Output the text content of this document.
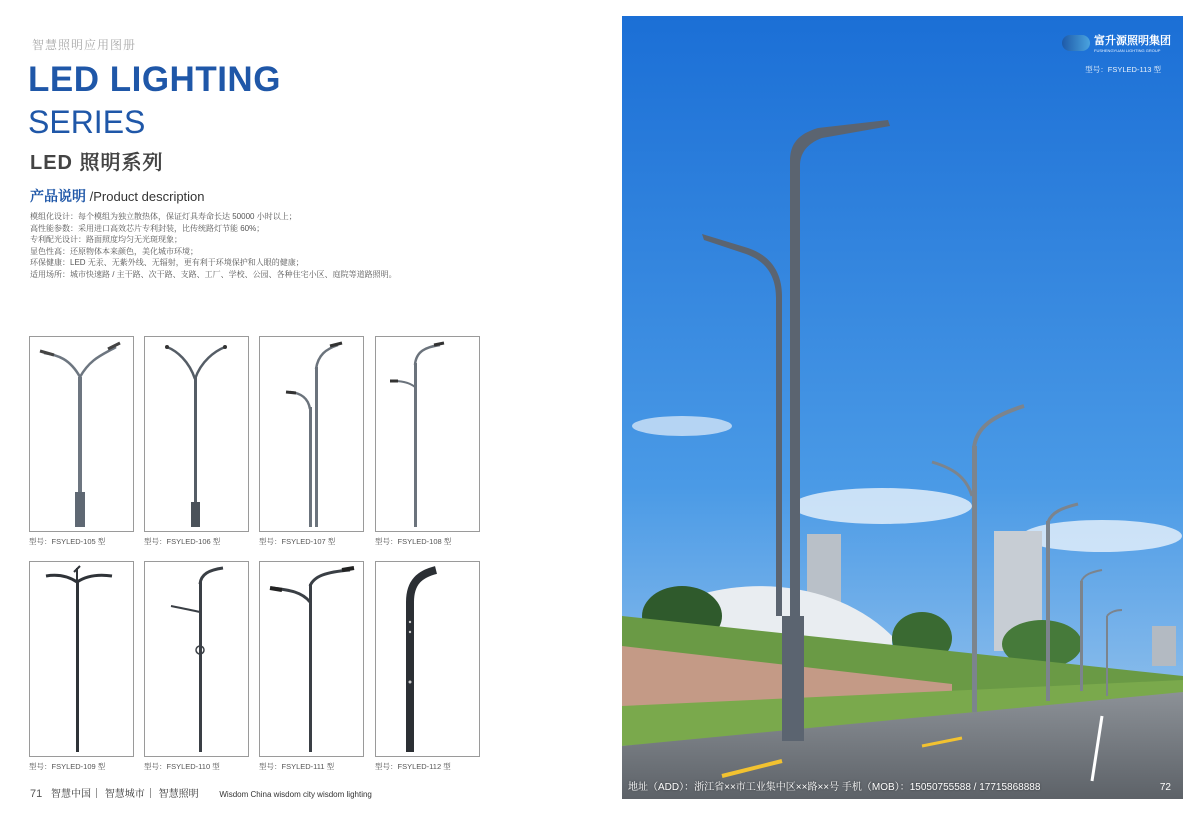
智慧照明应用图册
LED LIGHTING
SERIES
LED 照明系列
产品说明 /Product description
模组化设计：每个模组为独立散热体，保证灯具寿命长达 50000 小时以上；
高性能参数：采用进口高效芯片专利封装，比传统路灯节能 60%；
专利配光设计：路面照度均匀无光斑现象；
显色性高：还原物体本来颜色，美化城市环境；
环保健康：LED 无汞、无紫外线、无辐射，更有利于环境保护和人眼的健康；
适用场所：城市快速路 / 主干路、次干路、支路、工厂、学校、公园、各种住宅小区、庭院等道路照明。
型号：FSYLED-105 型	型号：FSYLED-106 型	型号：FSYLED-107 型	型号：FSYLED-108 型
型号：FSYLED-109 型	型号：FSYLED-110 型	型号：FSYLED-111 型	型号：FSYLED-112 型
71 智慧中国 智慧城市 智慧照明	Wisdom China wisdom city wisdom lighting
富升源照明集团
FUSHENGYUAN LIGHTING GROUP
型号：FSYLED-113 型
地址（ADD）：浙江省××市工业集中区××路××号 手机（MOB）：15050755588 / 17715868888	72
